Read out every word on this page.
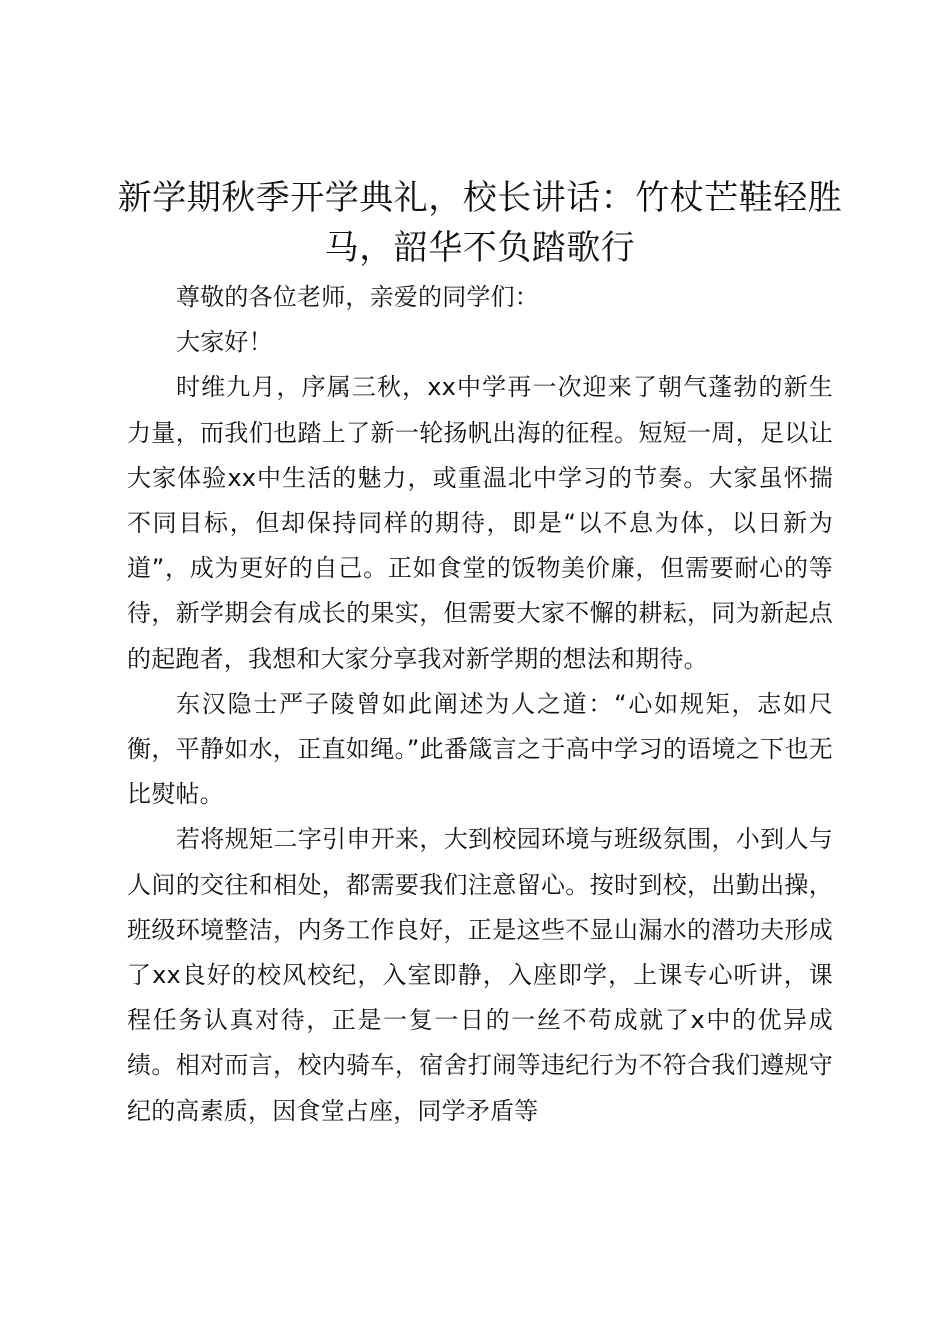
新学期秋季开学典礼，校长讲话：竹杖芒鞋轻胜马，韶华不负踏歌行

尊敬的各位老师，亲爱的同学们：

大家好！

时维九月，序属三秋，xx中学再一次迎来了朝气蓬勃的新生力量，而我们也踏上了新一轮扬帆出海的征程。短短一周，足以让大家体验xx中生活的魅力，或重温北中学习的节奏。大家虽怀揣不同目标，但却保持同样的期待，即是“以不息为体，以日新为道”，成为更好的自己。正如食堂的饭物美价廉，但需要耐心的等待，新学期会有成长的果实，但需要大家不懈的耕耘，同为新起点的起跑者，我想和大家分享我对新学期的想法和期待。

东汉隐士严子陵曾如此阐述为人之道：“心如规矩，志如尺衡，平静如水，正直如绳。”此番箴言之于高中学习的语境之下也无比熨帖。

若将规矩二字引申开来，大到校园环境与班级氛围，小到人与人间的交往和相处，都需要我们注意留心。按时到校，出勤出操，班级环境整洁，内务工作良好，正是这些不显山漏水的潜功夫形成了xx良好的校风校纪，入室即静，入座即学，上课专心听讲，课程任务认真对待，正是一复一日的一丝不苟成就了x中的优异成绩。相对而言，校内骑车，宿舍打闹等违纪行为不符合我们遵规守纪的高素质，因食堂占座，同学矛盾等
